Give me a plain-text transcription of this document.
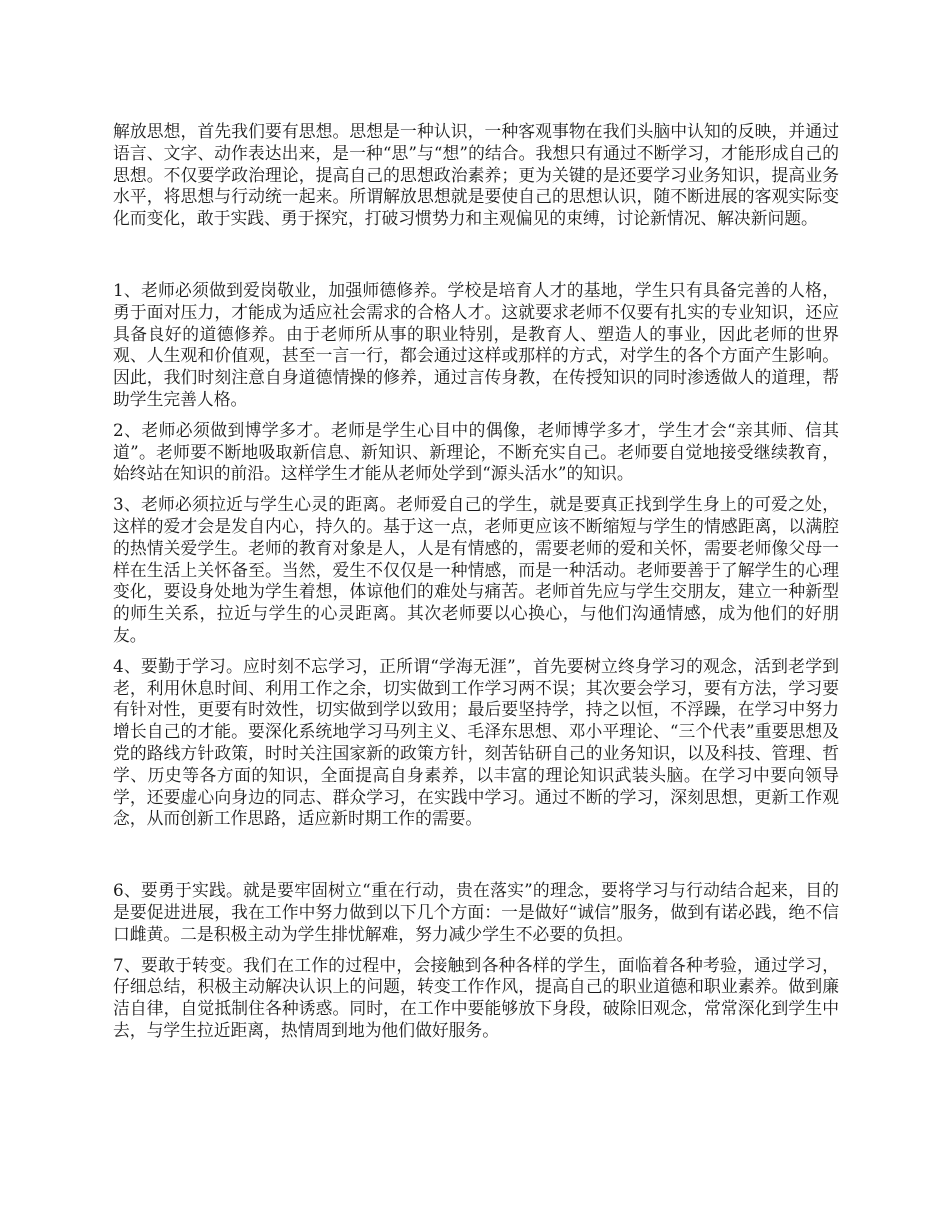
解放思想，首先我们要有思想。思想是一种认识，一种客观事物在我们头脑中认知的反映，并通过语言、文字、动作表达出来，是一种“思”与“想”的结合。我想只有通过不断学习，才能形成自己的思想。不仅要学政治理论，提高自己的思想政治素养；更为关键的是还要学习业务知识，提高业务水平，将思想与行动统一起来。所谓解放思想就是要使自己的思想认识，随不断进展的客观实际变化而变化，敢于实践、勇于探究，打破习惯势力和主观偏见的束缚，讨论新情况、解决新问题。

1、老师必须做到爱岗敬业，加强师德修养。学校是培育人才的基地，学生只有具备完善的人格，勇于面对压力，才能成为适应社会需求的合格人才。这就要求老师不仅要有扎实的专业知识，还应具备良好的道德修养。由于老师所从事的职业特别，是教育人、塑造人的事业，因此老师的世界观、人生观和价值观，甚至一言一行，都会通过这样或那样的方式，对学生的各个方面产生影响。因此，我们时刻注意自身道德情操的修养，通过言传身教，在传授知识的同时渗透做人的道理，帮助学生完善人格。

2、老师必须做到博学多才。老师是学生心目中的偶像，老师博学多才，学生才会“亲其师、信其道”。老师要不断地吸取新信息、新知识、新理论，不断充实自己。老师要自觉地接受继续教育，始终站在知识的前沿。这样学生才能从老师处学到“源头活水”的知识。

3、老师必须拉近与学生心灵的距离。老师爱自己的学生，就是要真正找到学生身上的可爱之处，这样的爱才会是发自内心，持久的。基于这一点，老师更应该不断缩短与学生的情感距离，以满腔的热情关爱学生。老师的教育对象是人，人是有情感的，需要老师的爱和关怀，需要老师像父母一样在生活上关怀备至。当然，爱生不仅仅是一种情感，而是一种活动。老师要善于了解学生的心理变化，要设身处地为学生着想，体谅他们的难处与痛苦。老师首先应与学生交朋友，建立一种新型的师生关系，拉近与学生的心灵距离。其次老师要以心换心，与他们沟通情感，成为他们的好朋友。

4、要勤于学习。应时刻不忘学习，正所谓“学海无涯”，首先要树立终身学习的观念，活到老学到老，利用休息时间、利用工作之余，切实做到工作学习两不误；其次要会学习，要有方法，学习要有针对性，更要有时效性，切实做到学以致用；最后要坚持学，持之以恒，不浮躁，在学习中努力增长自己的才能。要深化系统地学习马列主义、毛泽东思想、邓小平理论、“三个代表”重要思想及党的路线方针政策，时时关注国家新的政策方针，刻苦钻研自己的业务知识，以及科技、管理、哲学、历史等各方面的知识，全面提高自身素养，以丰富的理论知识武装头脑。在学习中要向领导学，还要虚心向身边的同志、群众学习，在实践中学习。通过不断的学习，深刻思想，更新工作观念，从而创新工作思路，适应新时期工作的需要。

6、要勇于实践。就是要牢固树立“重在行动，贵在落实”的理念，要将学习与行动结合起来，目的是要促进进展，我在工作中努力做到以下几个方面：一是做好“诚信”服务，做到有诺必践，绝不信口雌黄。二是积极主动为学生排忧解难，努力减少学生不必要的负担。

7、要敢于转变。我们在工作的过程中，会接触到各种各样的学生，面临着各种考验，通过学习，仔细总结，积极主动解决认识上的问题，转变工作作风，提高自己的职业道德和职业素养。做到廉洁自律，自觉抵制住各种诱惑。同时，在工作中要能够放下身段，破除旧观念，常常深化到学生中去，与学生拉近距离，热情周到地为他们做好服务。
